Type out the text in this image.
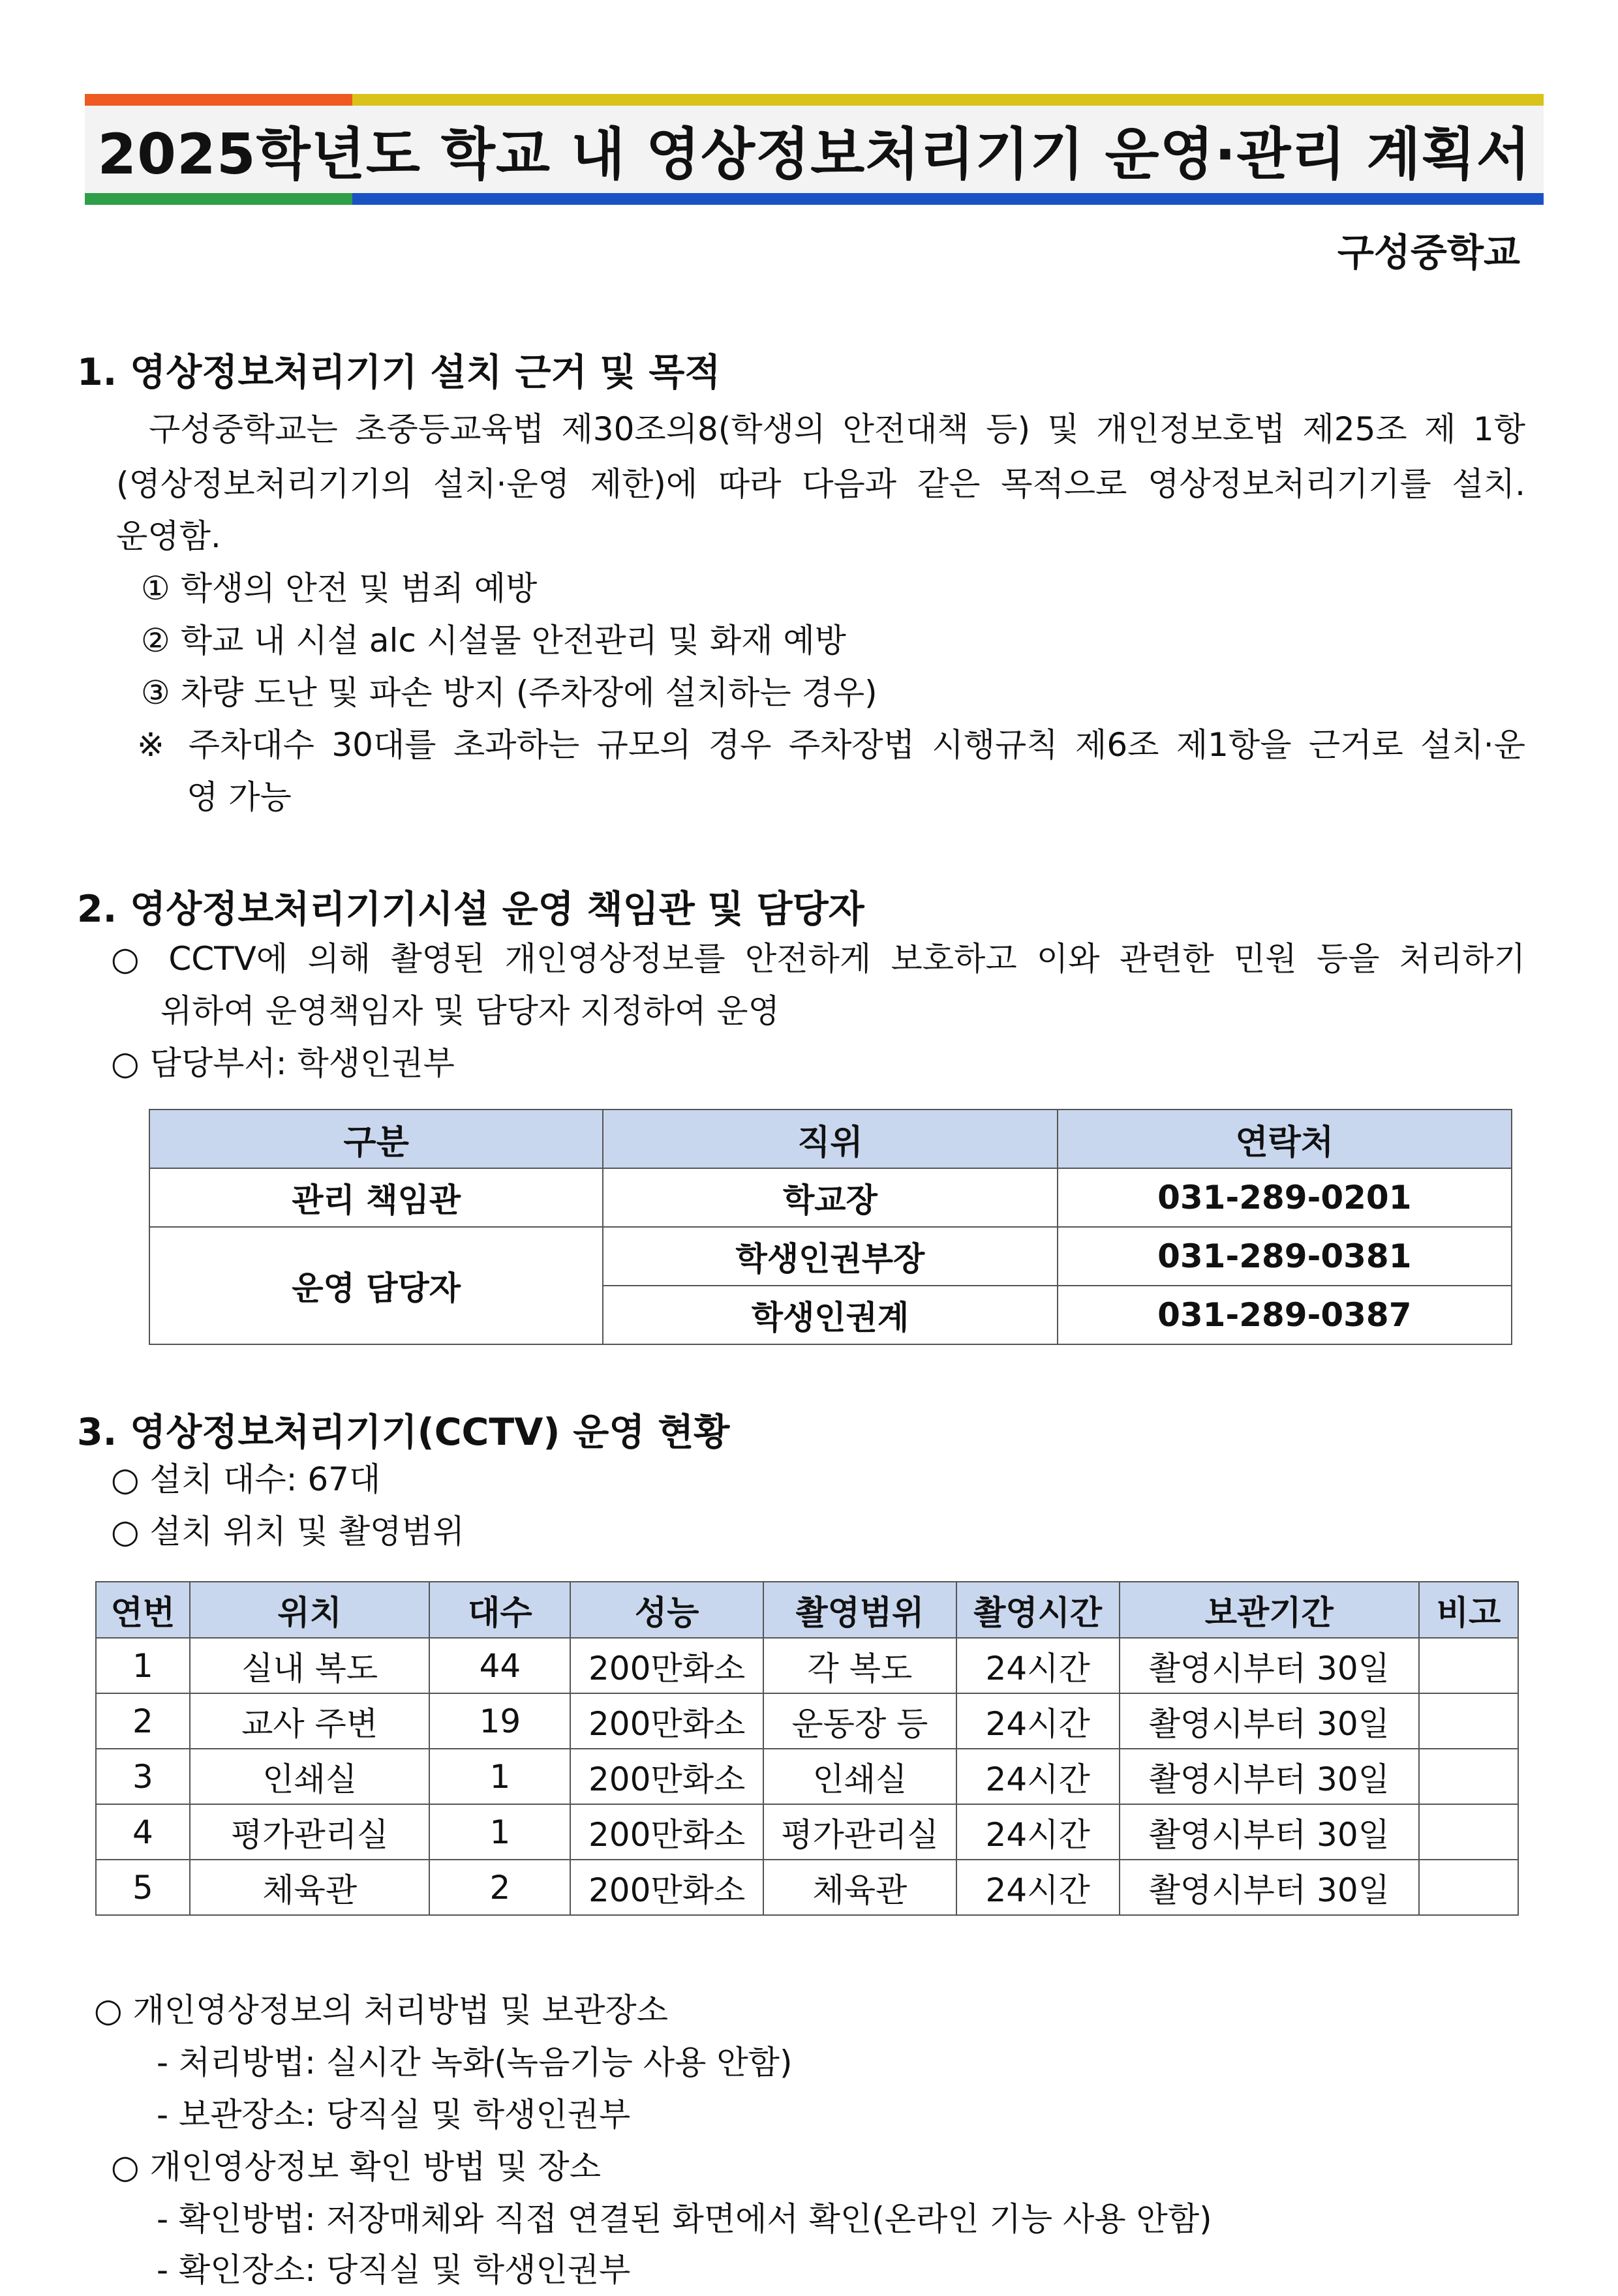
2025학년도 학교 내 영상정보처리기기 운영·관리 계획서
구성중학교
1. 영상정보처리기기 설치 근거 및 목적
구성중학교는 초중등교육법 제30조의8(학생의 안전대책 등) 및 개인정보호법 제25조 제 1항
(영상정보처리기기의 설치·운영 제한)에 따라 다음과 같은 목적으로 영상정보처리기기를 설치.
운영함.
① 학생의 안전 및 범죄 예방
② 학교 내 시설 alc 시설물 안전관리 및 화재 예방
③ 차량 도난 및 파손 방지 (주차장에 설치하는 경우)
※ 주차대수 30대를 초과하는 규모의 경우 주차장법 시행규칙 제6조 제1항을 근거로 설치·운
영 가능
2. 영상정보처리기기시설 운영 책임관 및 담당자
○ CCTV에 의해 촬영된 개인영상정보를 안전하게 보호하고 이와 관련한 민원 등을 처리하기
위하여 운영책임자 및 담당자 지정하여 운영
○ 담당부서: 학생인권부
구분	직위	연락처
관리 책임관	학교장	031-289-0201
운영 담당자	학생인권부장	031-289-0381
	학생인권계	031-289-0387
3. 영상정보처리기기(CCTV) 운영 현황
○ 설치 대수: 67대
○ 설치 위치 및 촬영범위
연번	위치	대수	성능	촬영범위	촬영시간	보관기간	비고
1	실내 복도	44	200만화소	각 복도	24시간	촬영시부터 30일	
2	교사 주변	19	200만화소	운동장 등	24시간	촬영시부터 30일	
3	인쇄실	1	200만화소	인쇄실	24시간	촬영시부터 30일	
4	평가관리실	1	200만화소	평가관리실	24시간	촬영시부터 30일	
5	체육관	2	200만화소	체육관	24시간	촬영시부터 30일	
○ 개인영상정보의 처리방법 및 보관장소
- 처리방법: 실시간 녹화(녹음기능 사용 안함)
- 보관장소: 당직실 및 학생인권부
○ 개인영상정보 확인 방법 및 장소
- 확인방법: 저장매체와 직접 연결된 화면에서 확인(온라인 기능 사용 안함)
- 확인장소: 당직실 및 학생인권부
